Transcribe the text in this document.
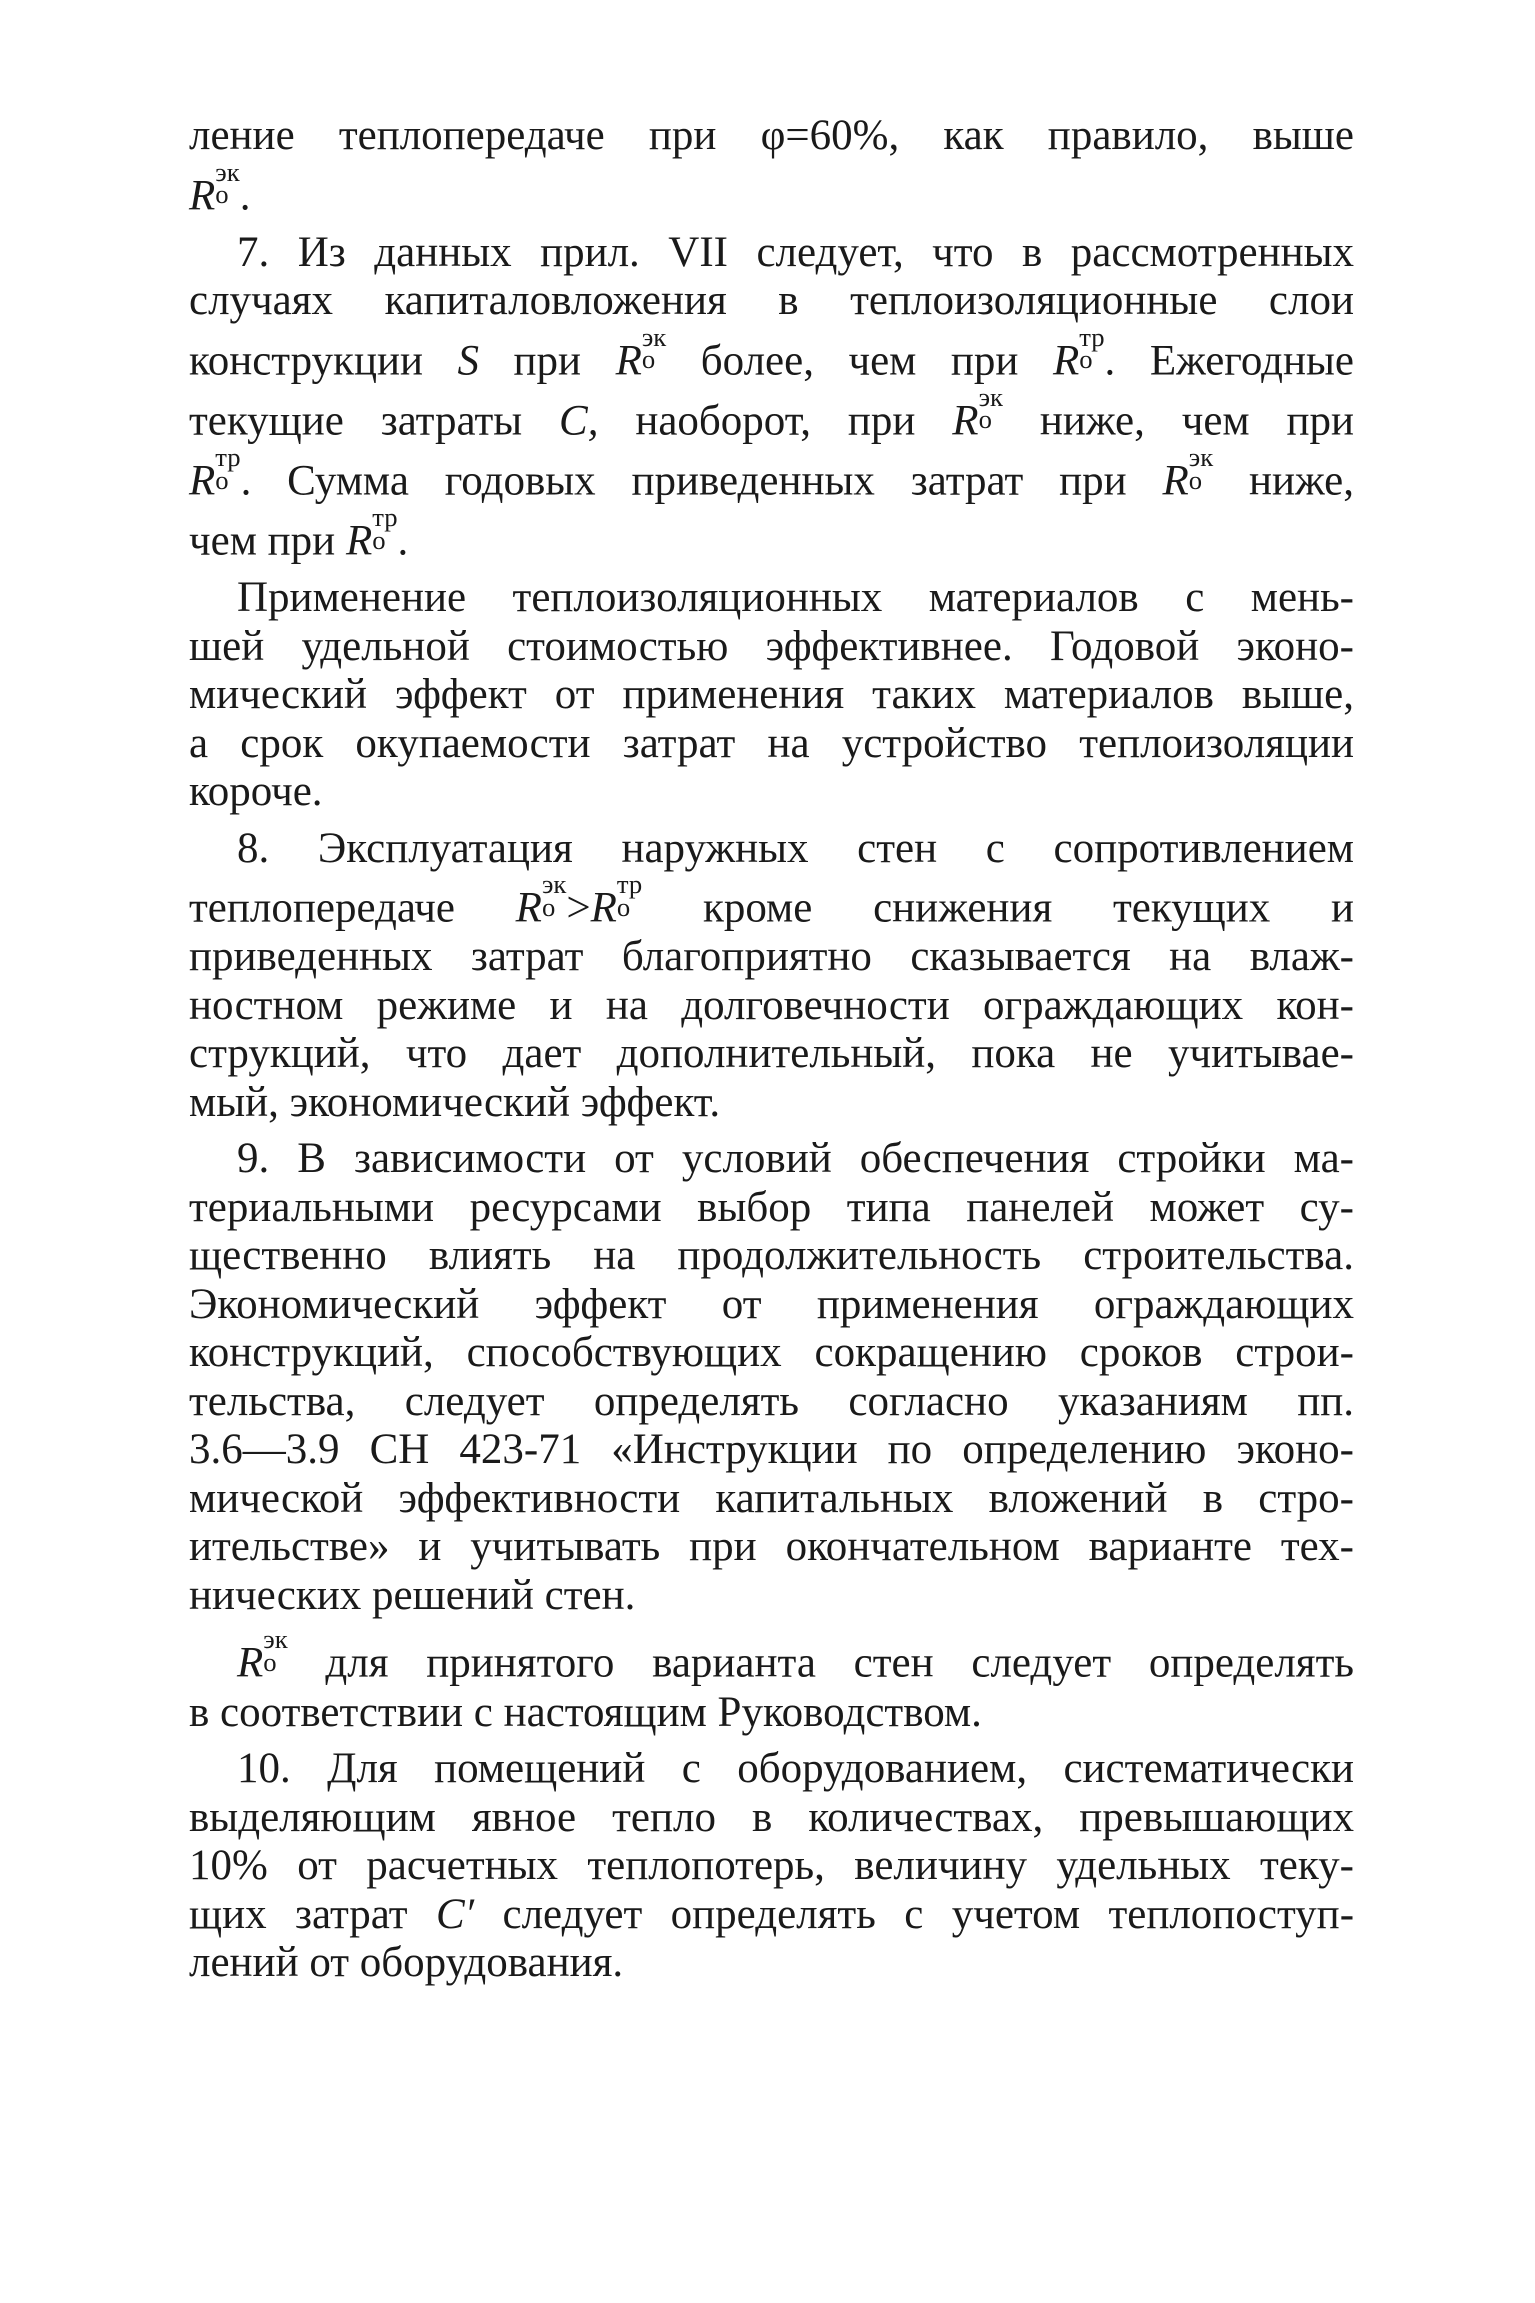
ление теплопередаче при φ=60%, как правило, выше
R
эк
о .

7. Из данных прил. VII следует, что в рассмотренных
случаях капиталовложения в теплоизоляционные слои
конструкции S при R
эк
о более, чем при R
тр
о . Ежегодные
текущие затраты C, наоборот, при R
эк
о ниже, чем при
R
тр
о . Сумма годовых приведенных затрат при R
эк
о ниже,
чем при R
тр
о .

Применение теплоизоляционных материалов с мень-
шей удельной стоимостью эффективнее. Годовой эконо-
мический эффект от применения таких материалов выше,
а срок окупаемости затрат на устройство теплоизоляции
короче.

8. Эксплуатация наружных стен с сопротивлением
теплопередаче R
эк
о >R
тр
о кроме снижения текущих и
приведенных затрат благоприятно сказывается на влаж-
ностном режиме и на долговечности ограждающих кон-
струкций, что дает дополнительный, пока не учитывае-
мый, экономический эффект.

9. В зависимости от условий обеспечения стройки ма-
териальными ресурсами выбор типа панелей может су-
щественно влиять на продолжительность строительства.
Экономический эффект от применения ограждающих
конструкций, способствующих сокращению сроков строи-
тельства, следует определять согласно указаниям пп.
3.6—3.9 СН 423-71 «Инструкции по определению эконо-
мической эффективности капитальных вложений в стро-
ительстве» и учитывать при окончательном варианте тех-
нических решений стен.

R
эк
о для принятого варианта стен следует определять
в соответствии с настоящим Руководством.

10. Для помещений с оборудованием, систематически
выделяющим явное тепло в количествах, превышающих
10% от расчетных теплопотерь, величину удельных теку-
щих затрат C′ следует определять с учетом теплопоступ-
лений от оборудования.
